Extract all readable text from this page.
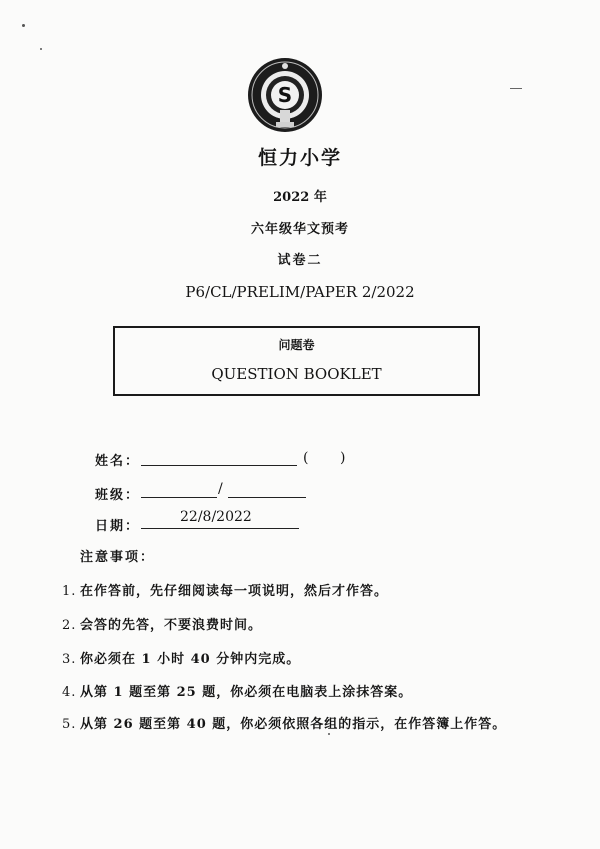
S
恒力小学
2022 年
六年级华文预考
试卷二
P6/CL/PRELIM/PAPER 2/2022
问题卷
QUESTION BOOKLET
姓名：	( )
班级：	/
日期：
22/8/2022
注意事项：
1. 在作答前，先仔细阅读每一项说明，然后才作答。
2. 会答的先答，不要浪费时间。
3. 你必须在 1 小时 40 分钟内完成。
4. 从第 1 题至第 25 题，你必须在电脑表上涂抹答案。
5. 从第 26 题至第 40 题，你必须依照各组的指示，在作答簿上作答。
